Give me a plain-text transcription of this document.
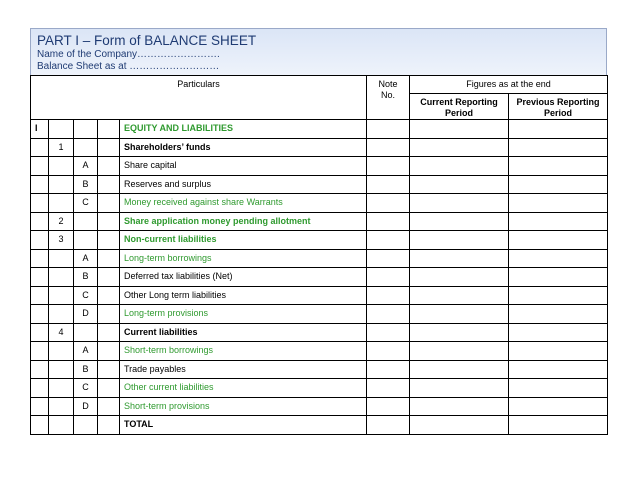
PART I – Form of BALANCE SHEET
Name of the Company…………………….
Balance Sheet as at ………………………
Particulars					Note No.	Figures as at the end	
						Current Reporting Period	Previous Reporting Period
I				EQUITY AND LIABILITIES			
	1			Shareholders’ funds			
		A		Share capital			
		B		Reserves and surplus			
		C		Money received against share Warrants			
	2			Share application money pending allotment			
	3			Non-current liabilities			
		A		Long-term borrowings			
		B		Deferred tax liabilities (Net)			
		C		Other Long term liabilities			
		D		Long-term provisions			
	4			Current liabilities			
		A		Short-term borrowings			
		B		Trade payables			
		C		Other current liabilities			
		D		Short-term provisions			
				TOTAL			
